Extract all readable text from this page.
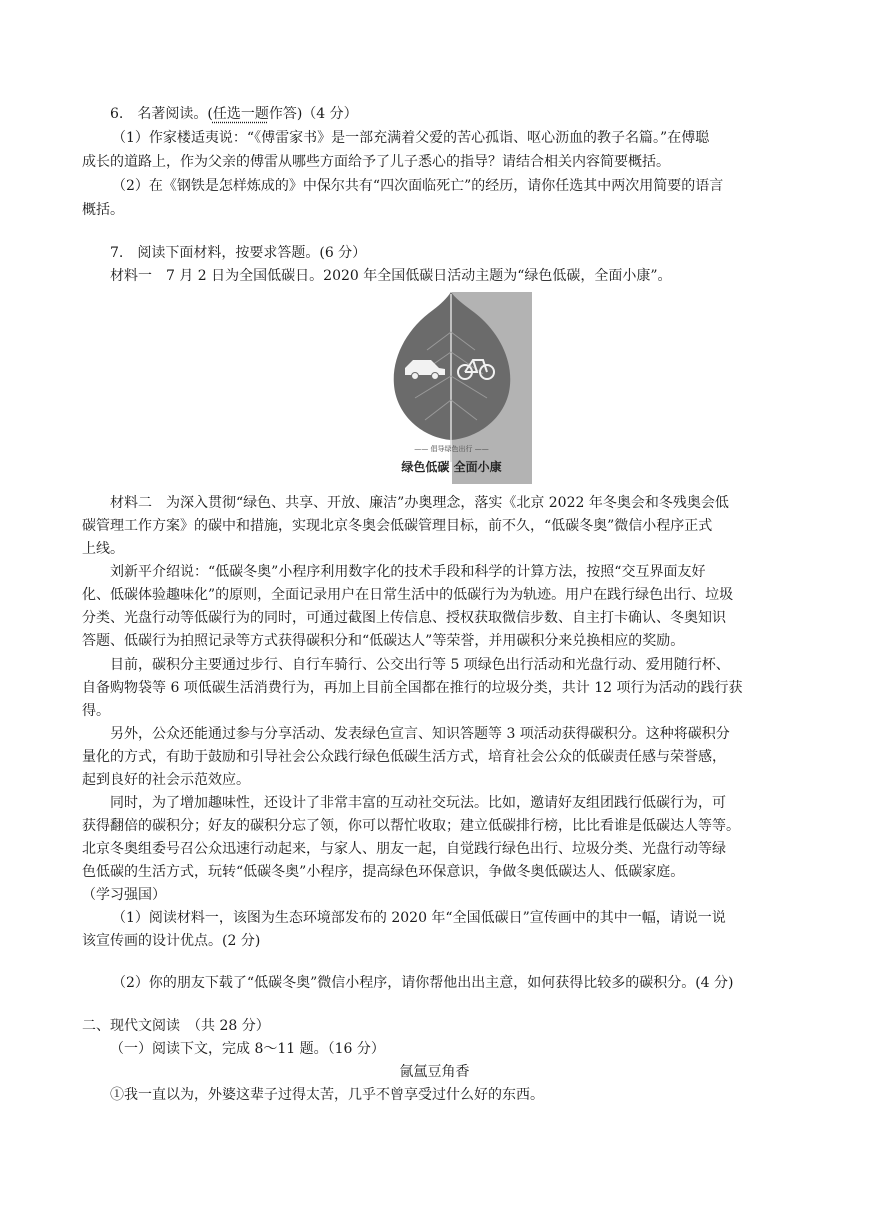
6.　名著阅读。(任选一题作答)（4 分）
（1）作家楼适夷说：“《傅雷家书》是一部充满着父爱的苦心孤诣、呕心沥血的教子名篇。”在傅聪
成长的道路上，作为父亲的傅雷从哪些方面给予了儿子悉心的指导？请结合相关内容简要概括。
（2）在《钢铁是怎样炼成的》中保尔共有“四次面临死亡”的经历，请你任选其中两次用简要的语言
概括。
7.　阅读下面材料，按要求答题。(6 分）
材料一　7 月 2 日为全国低碳日。2020 年全国低碳日活动主题为“绿色低碳，全面小康”。
—— 倡导绿色出行 ——
绿色低碳 全面小康
材料二　为深入贯彻“绿色、共享、开放、廉洁”办奥理念，落实《北京 2022 年冬奥会和冬残奥会低
碳管理工作方案》的碳中和措施，实现北京冬奥会低碳管理目标，前不久，“低碳冬奥”微信小程序正式
上线。
刘新平介绍说：“低碳冬奥”小程序利用数字化的技术手段和科学的计算方法，按照“交互界面友好
化、低碳体验趣味化”的原则，全面记录用户在日常生活中的低碳行为为轨迹。用户在践行绿色出行、垃圾
分类、光盘行动等低碳行为的同时，可通过截图上传信息、授权获取微信步数、自主打卡确认、冬奥知识
答题、低碳行为拍照记录等方式获得碳积分和“低碳达人”等荣誉，并用碳积分来兑换相应的奖励。
目前，碳积分主要通过步行、自行车骑行、公交出行等 5 项绿色出行活动和光盘行动、爱用随行杯、
自备购物袋等 6 项低碳生活消费行为，再加上目前全国都在推行的垃圾分类，共计 12 项行为活动的践行获
得。
另外，公众还能通过参与分享活动、发表绿色宣言、知识答题等 3 项活动获得碳积分。这种将碳积分
量化的方式，有助于鼓励和引导社会公众践行绿色低碳生活方式，培育社会公众的低碳责任感与荣誉感，
起到良好的社会示范效应。
同时，为了增加趣味性，还设计了非常丰富的互动社交玩法。比如，邀请好友组团践行低碳行为，可
获得翻倍的碳积分；好友的碳积分忘了领，你可以帮忙收取；建立低碳排行榜，比比看谁是低碳达人等等。
北京冬奥组委号召公众迅速行动起来，与家人、朋友一起，自觉践行绿色出行、垃圾分类、光盘行动等绿
色低碳的生活方式，玩转“低碳冬奥”小程序，提高绿色环保意识，争做冬奥低碳达人、低碳家庭。
（学习强国）
（1）阅读材料一，该图为生态环境部发布的 2020 年“全国低碳日”宣传画中的其中一幅，请说一说
该宣传画的设计优点。(2 分)
（2）你的朋友下载了“低碳冬奥”微信小程序，请你帮他出出主意，如何获得比较多的碳积分。(4 分)
二、现代文阅读　（共 28 分）
（一）阅读下文，完成 8～11 题。（16 分）
氤氲豆角香
①我一直以为，外婆这辈子过得太苦，几乎不曾享受过什么好的东西。
